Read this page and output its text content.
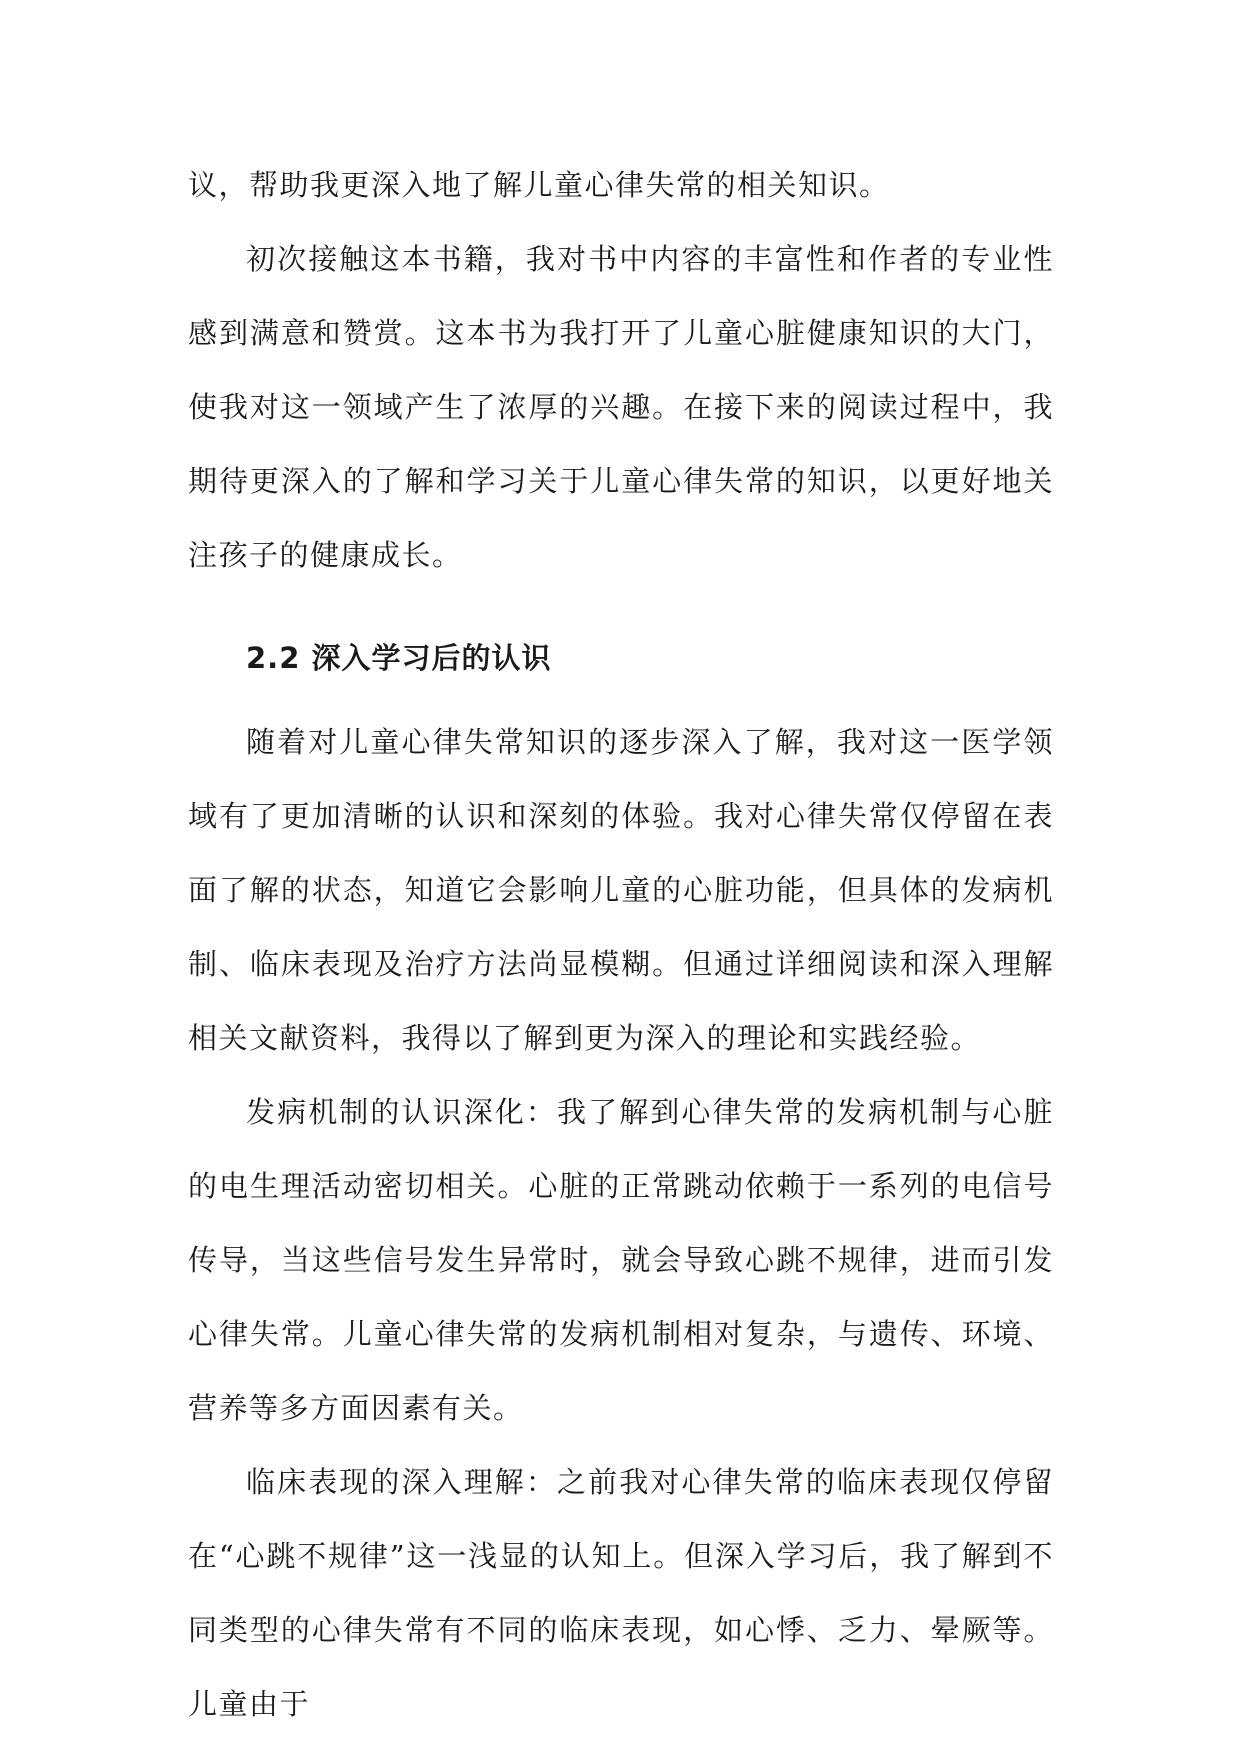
议，帮助我更深入地了解儿童心律失常的相关知识。

初次接触这本书籍，我对书中内容的丰富性和作者的专业性感到满意和赞赏。这本书为我打开了儿童心脏健康知识的大门，使我对这一领域产生了浓厚的兴趣。在接下来的阅读过程中，我期待更深入的了解和学习关于儿童心律失常的知识，以更好地关注孩子的健康成长。

2.2 深入学习后的认识

随着对儿童心律失常知识的逐步深入了解，我对这一医学领域有了更加清晰的认识和深刻的体验。我对心律失常仅停留在表面了解的状态，知道它会影响儿童的心脏功能，但具体的发病机制、临床表现及治疗方法尚显模糊。但通过详细阅读和深入理解相关文献资料，我得以了解到更为深入的理论和实践经验。

发病机制的认识深化：我了解到心律失常的发病机制与心脏的电生理活动密切相关。心脏的正常跳动依赖于一系列的电信号传导，当这些信号发生异常时，就会导致心跳不规律，进而引发心律失常。儿童心律失常的发病机制相对复杂，与遗传、环境、营养等多方面因素有关。

临床表现的深入理解：之前我对心律失常的临床表现仅停留在“心跳不规律”这一浅显的认知上。但深入学习后，我了解到不同类型的心律失常有不同的临床表现，如心悸、乏力、晕厥等。儿童由于
